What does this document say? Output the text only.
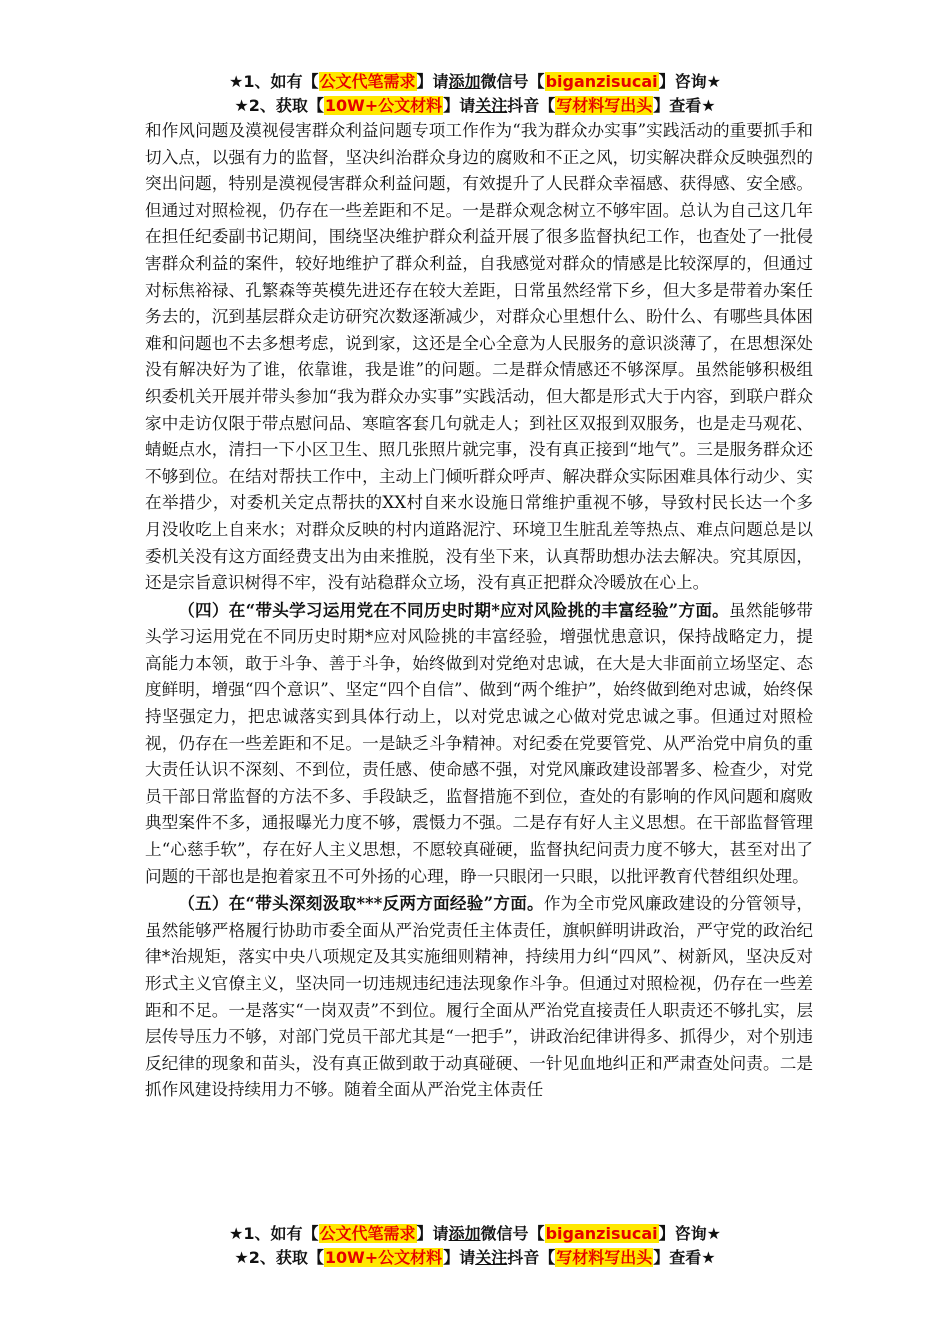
★1、如有【公文代笔需求】请添加微信号【biganzisucai】咨询★
★2、获取【10W+公文材料】请关注抖音【写材料写出头】查看★

和作风问题及漠视侵害群众利益问题专项工作作为“我为群众办实事”实践活动的重要抓手和切入点，以强有力的监督，坚决纠治群众身边的腐败和不正之风，切实解决群众反映强烈的突出问题，特别是漠视侵害群众利益问题，有效提升了人民群众幸福感、获得感、安全感。但通过对照检视，仍存在一些差距和不足。一是群众观念树立不够牢固。总认为自己这几年在担任纪委副书记期间，围绕坚决维护群众利益开展了很多监督执纪工作，也查处了一批侵害群众利益的案件，较好地维护了群众利益，自我感觉对群众的情感是比较深厚的，但通过对标焦裕禄、孔繁森等英模先进还存在较大差距，日常虽然经常下乡，但大多是带着办案任务去的，沉到基层群众走访研究次数逐渐减少，对群众心里想什么、盼什么、有哪些具体困难和问题也不去多想考虑，说到家，这还是全心全意为人民服务的意识淡薄了，在思想深处没有解决好为了谁，依靠谁，我是谁”的问题。二是群众情感还不够深厚。虽然能够积极组织委机关开展并带头参加“我为群众办实事”实践活动，但大都是形式大于内容，到联户群众家中走访仅限于带点慰问品、寒暄客套几句就走人；到社区双报到双服务，也是走马观花、蜻蜓点水，清扫一下小区卫生、照几张照片就完事，没有真正接到“地气”。三是服务群众还不够到位。在结对帮扶工作中，主动上门倾听群众呼声、解决群众实际困难具体行动少、实在举措少，对委机关定点帮扶的XX村自来水设施日常维护重视不够，导致村民长达一个多月没收吃上自来水；对群众反映的村内道路泥泞、环境卫生脏乱差等热点、难点问题总是以委机关没有这方面经费支出为由来推脱，没有坐下来，认真帮助想办法去解决。究其原因，还是宗旨意识树得不牢，没有站稳群众立场，没有真正把群众冷暖放在心上。

（四）在“带头学习运用党在不同历史时期*应对风险挑的丰富经验”方面。虽然能够带头学习运用党在不同历史时期*应对风险挑的丰富经验，增强忧患意识，保持战略定力，提高能力本领，敢于斗争、善于斗争，始终做到对党绝对忠诚，在大是大非面前立场坚定、态度鲜明，增强“四个意识”、坚定“四个自信”、做到“两个维护”，始终做到绝对忠诚，始终保持坚强定力，把忠诚落实到具体行动上，以对党忠诚之心做对党忠诚之事。但通过对照检视，仍存在一些差距和不足。一是缺乏斗争精神。对纪委在党要管党、从严治党中肩负的重大责任认识不深刻、不到位，责任感、使命感不强，对党风廉政建设部署多、检查少，对党员干部日常监督的方法不多、手段缺乏，监督措施不到位，查处的有影响的作风问题和腐败典型案件不多，通报曝光力度不够，震慑力不强。二是存有好人主义思想。在干部监督管理上“心慈手软”，存在好人主义思想，不愿较真碰硬，监督执纪问责力度不够大，甚至对出了问题的干部也是抱着家丑不可外扬的心理，睁一只眼闭一只眼，以批评教育代替组织处理。

（五）在“带头深刻汲取***反两方面经验”方面。作为全市党风廉政建设的分管领导，虽然能够严格履行协助市委全面从严治党责任主体责任，旗帜鲜明讲政治，严守党的政治纪律*治规矩，落实中央八项规定及其实施细则精神，持续用力纠“四风”、树新风，坚决反对形式主义官僚主义，坚决同一切违规违纪违法现象作斗争。但通过对照检视，仍存在一些差距和不足。一是落实“一岗双责”不到位。履行全面从严治党直接责任人职责还不够扎实，层层传导压力不够，对部门党员干部尤其是“一把手”，讲政治纪律讲得多、抓得少，对个别违反纪律的现象和苗头，没有真正做到敢于动真碰硬、一针见血地纠正和严肃查处问责。二是抓作风建设持续用力不够。随着全面从严治党主体责任

★1、如有【公文代笔需求】请添加微信号【biganzisucai】咨询★
★2、获取【10W+公文材料】请关注抖音【写材料写出头】查看★
